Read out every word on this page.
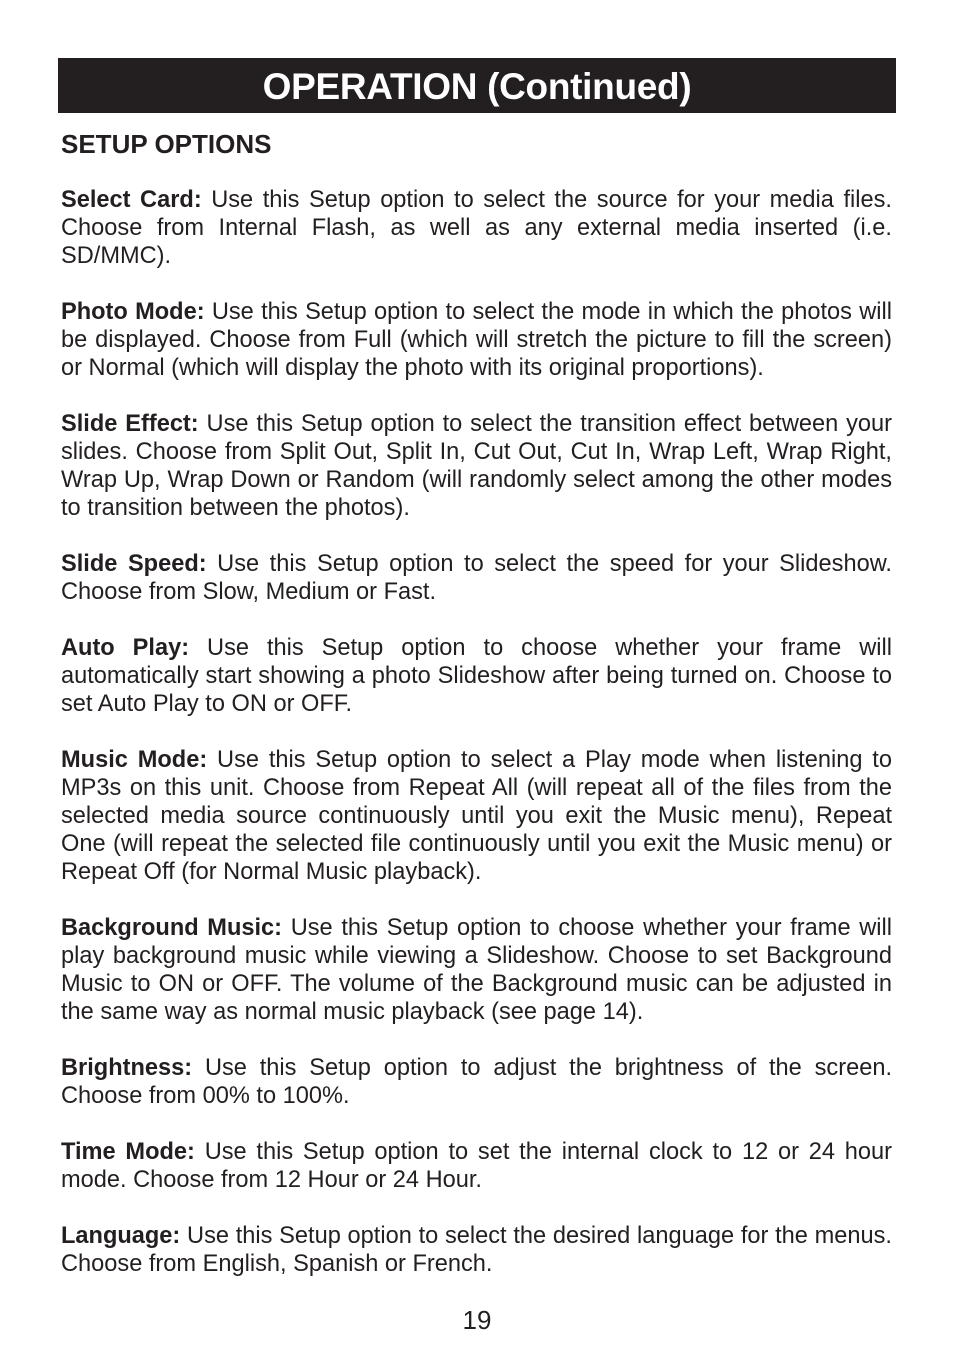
OPERATION (Continued)
SETUP OPTIONS

Select Card: Use this Setup option to select the source for your media files. Choose from Internal Flash, as well as any external media inserted (i.e. SD/MMC).

Photo Mode: Use this Setup option to select the mode in which the photos will be displayed. Choose from Full (which will stretch the picture to fill the screen) or Normal (which will display the photo with its original proportions).

Slide Effect: Use this Setup option to select the transition effect between your slides. Choose from Split Out, Split In, Cut Out, Cut In, Wrap Left, Wrap Right, Wrap Up, Wrap Down or Random (will randomly select among the other modes to transition between the photos).

Slide Speed: Use this Setup option to select the speed for your Slideshow. Choose from Slow, Medium or Fast.

Auto Play: Use this Setup option to choose whether your frame will automatically start showing a photo Slideshow after being turned on. Choose to set Auto Play to ON or OFF.

Music Mode: Use this Setup option to select a Play mode when listening to MP3s on this unit. Choose from Repeat All (will repeat all of the files from the selected media source continuously until you exit the Music menu), Repeat One (will repeat the selected file continuously until you exit the Music menu) or Repeat Off (for Normal Music playback).

Background Music: Use this Setup option to choose whether your frame will play background music while viewing a Slideshow. Choose to set Background Music to ON or OFF. The volume of the Background music can be adjusted in the same way as normal music playback (see page 14).

Brightness: Use this Setup option to adjust the brightness of the screen. Choose from 00% to 100%.

Time Mode: Use this Setup option to set the internal clock to 12 or 24 hour mode. Choose from 12 Hour or 24 Hour.

Language: Use this Setup option to select the desired language for the menus. Choose from English, Spanish or French.

19
